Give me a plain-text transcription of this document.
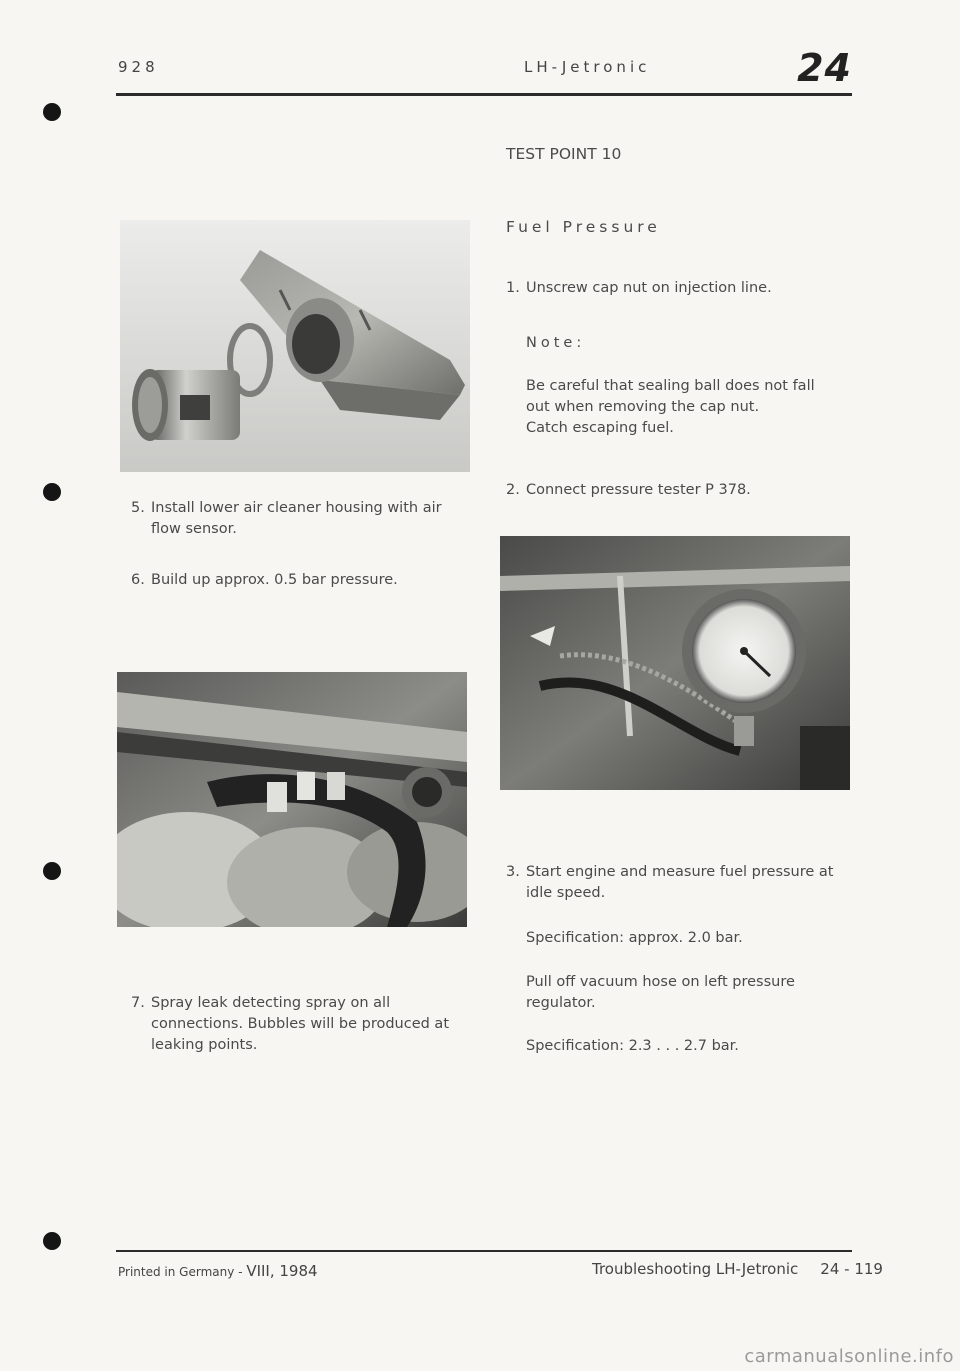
928	LH-Jetronic	24
5. Install lower air cleaner housing with air
flow sensor.
6. Build up approx. 0.5 bar pressure.
7. Spray leak detecting spray on all
connections. Bubbles will be produced at
leaking points.
TEST POINT 10
Fuel Pressure
1. Unscrew cap nut on injection line.
Note:
Be careful that sealing ball does not fall
out when removing the cap nut.
Catch escaping fuel.
2. Connect pressure tester P 378.
3. Start engine and measure fuel pressure at
idle speed.
Specification: approx. 2.0 bar.
Pull off vacuum hose on left pressure
regulator.
Specification: 2.3 . . . 2.7 bar.
Printed in Germany - VIII, 1984	Troubleshooting LH-Jetronic 24 - 119
carmanualsonline.info
